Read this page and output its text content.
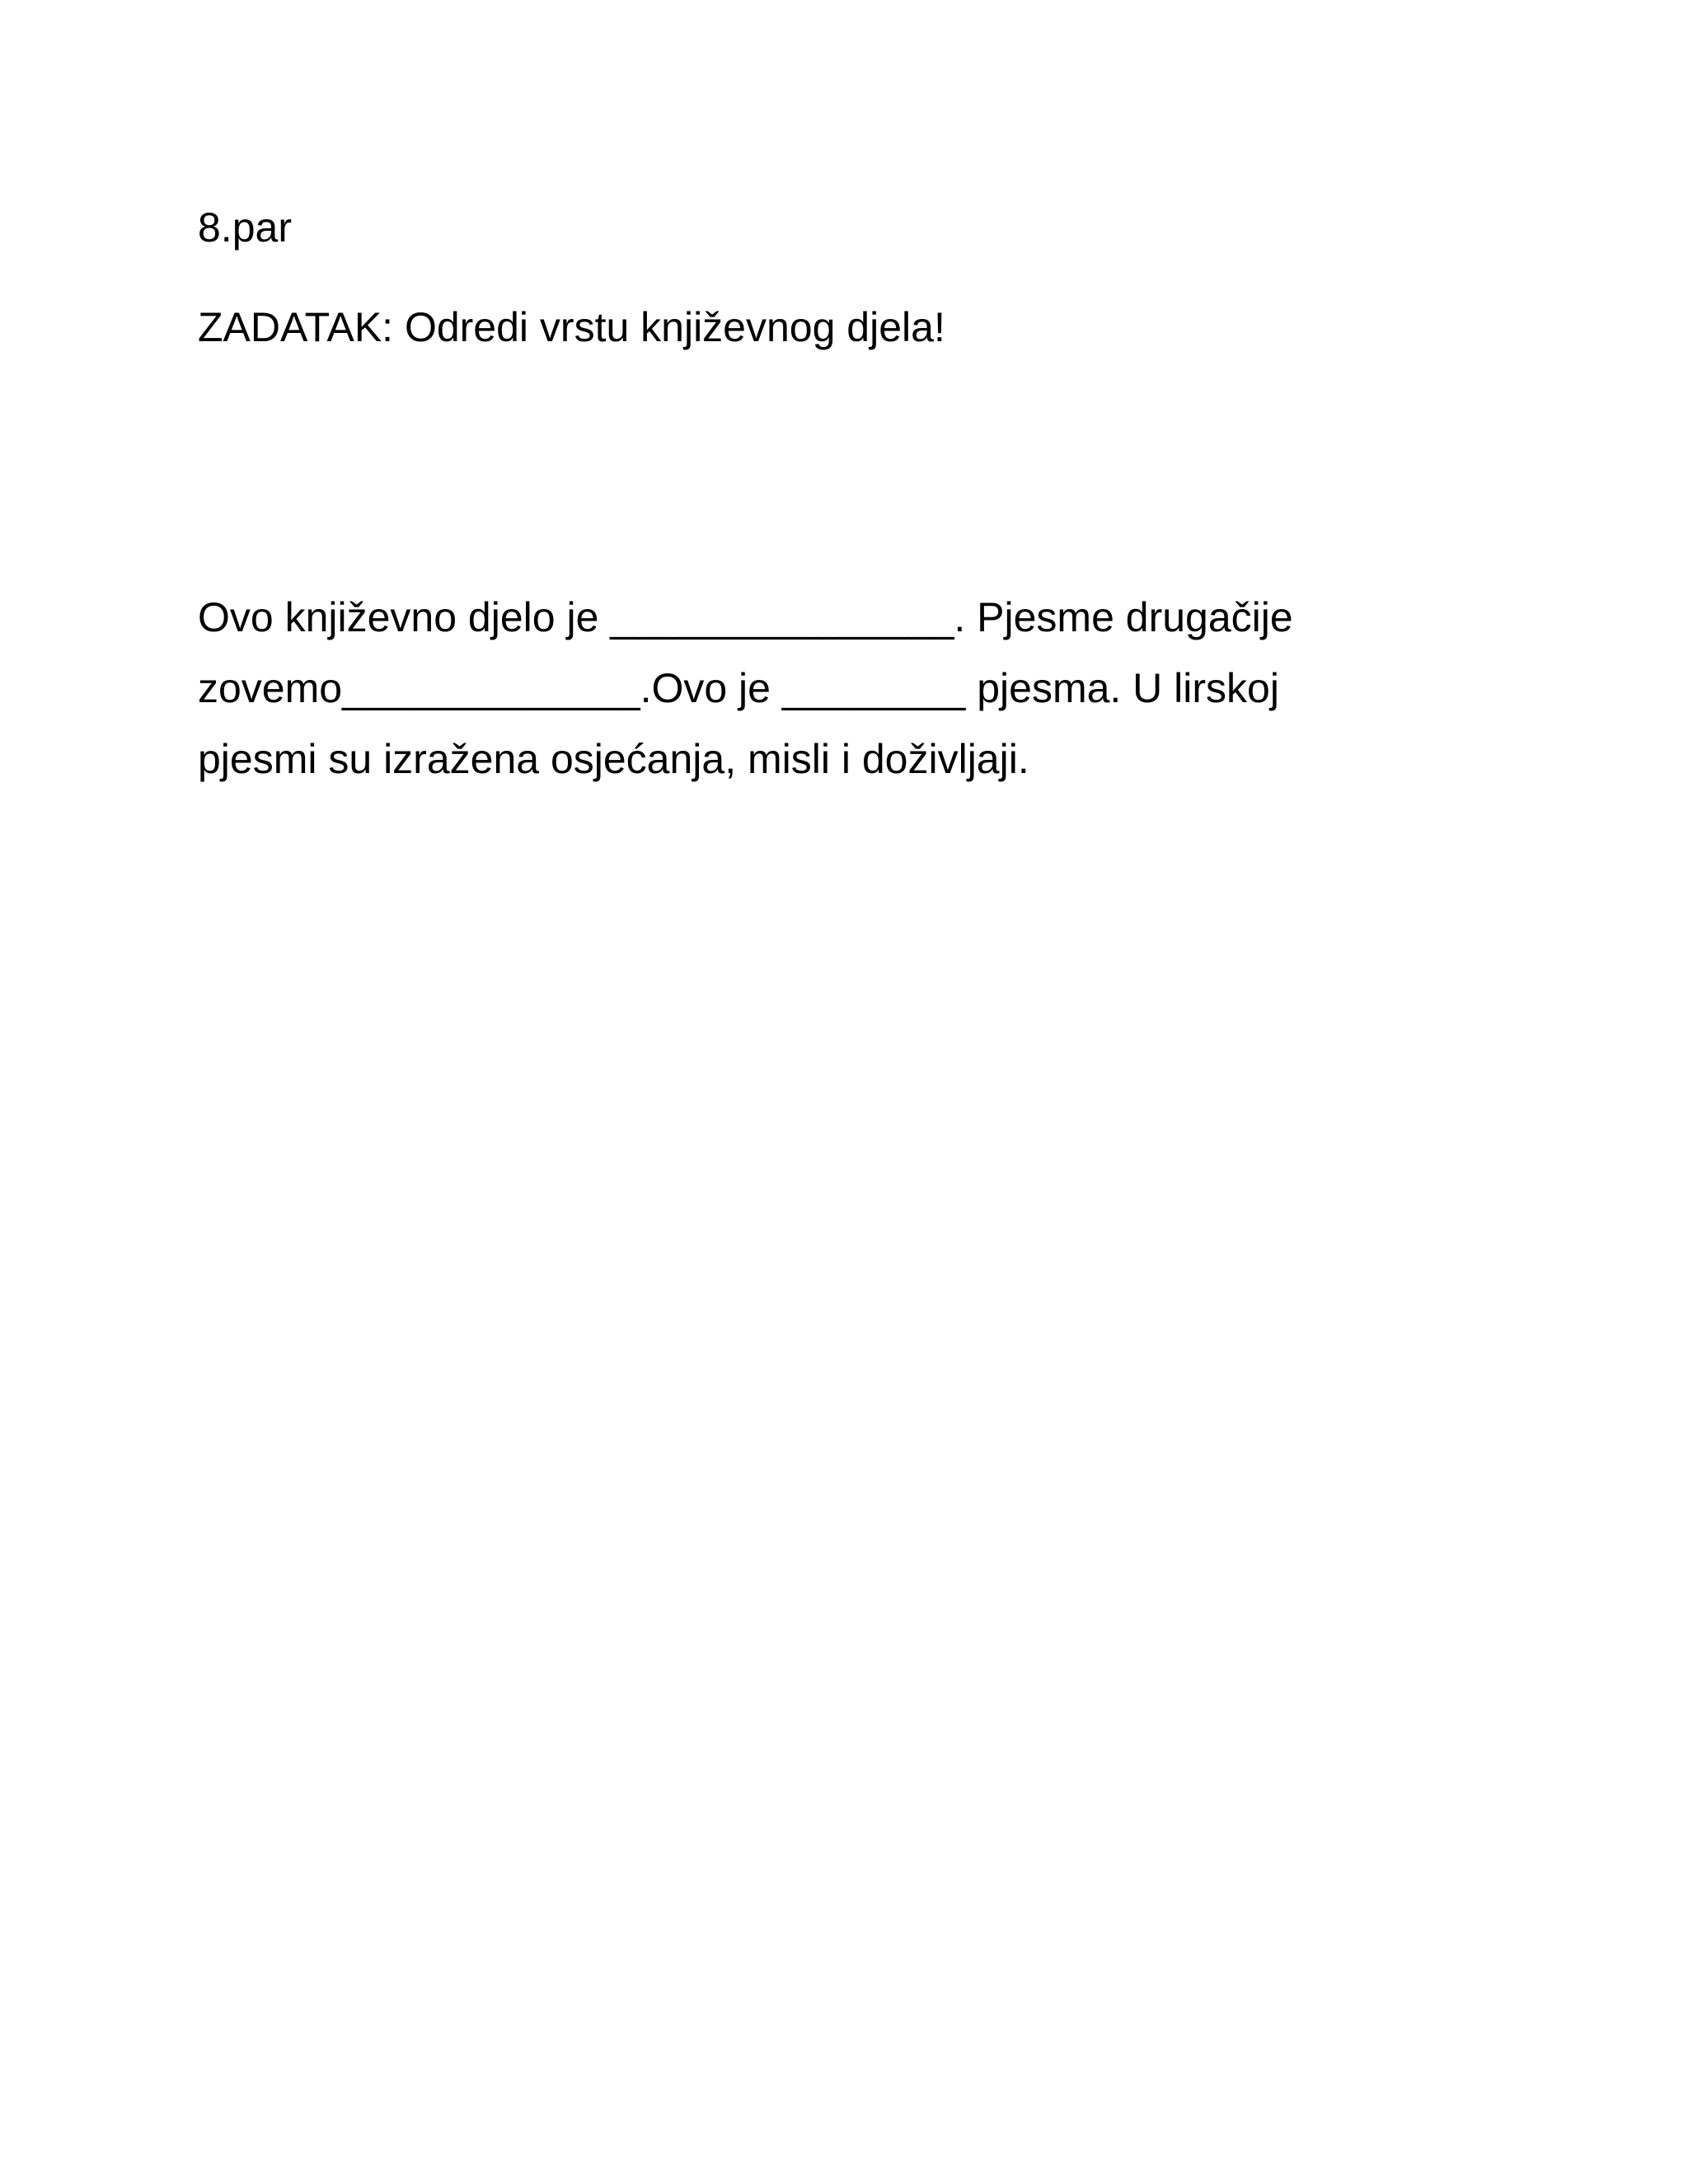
8.par
ZADATAK: Odredi vrstu književnog djela!
Ovo književno djelo je _______________. Pjesme drugačije
zovemo_____________.Ovo je ________ pjesma. U lirskoj
pjesmi su izražena osjećanja, misli i doživljaji.
